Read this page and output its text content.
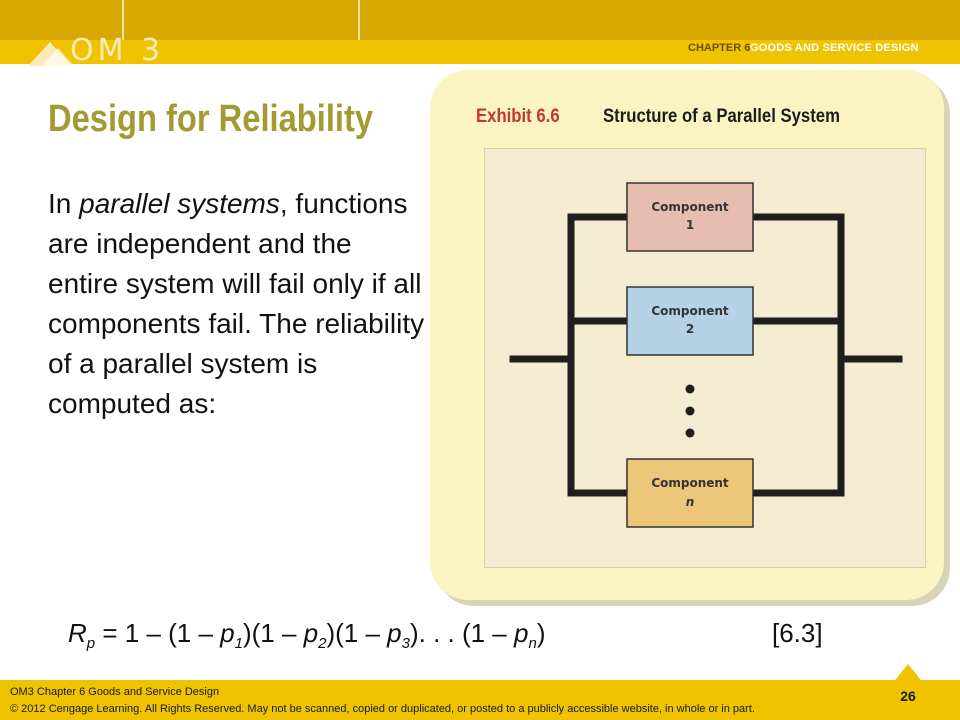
OM 3	CHAPTER 6 GOODS AND SERVICE DESIGN
Design for Reliability
In parallel systems, functions are independent and the entire system will fail only if all components fail. The reliability of a parallel system is computed as:
Exhibit 6.6 Structure of a Parallel System
Component
1
Component
2
Component
n
$R_p = 1 - (1 - p_1)(1 - p_2)(1 - p_3)$. . . $(1 - p_n)$	[6.3]
OM3 Chapter 6 Goods and Service Design
© 2012 Cengage Learning. All Rights Reserved. May not be scanned, copied or duplicated, or posted to a publicly accessible website, in whole or in part.
26
